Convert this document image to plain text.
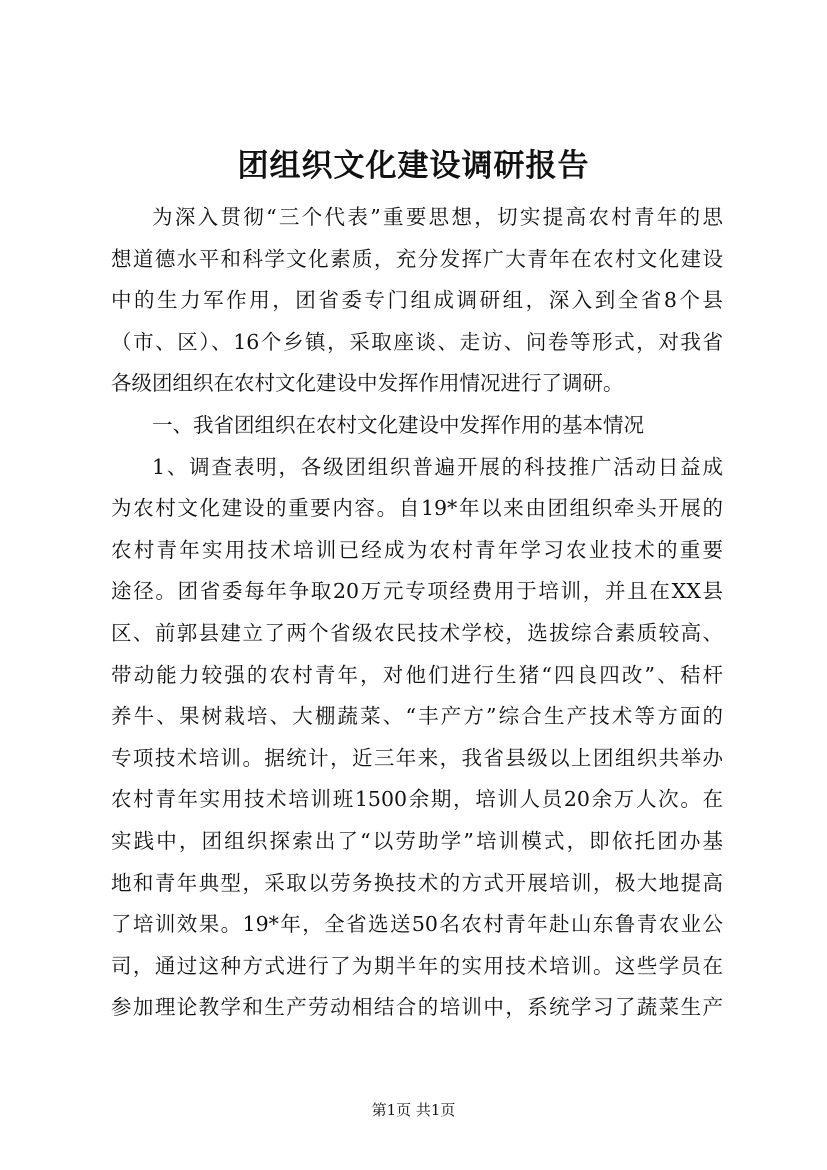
团组织文化建设调研报告
为深入贯彻“三个代表”重要思想，切实提高农村青年的思
想道德水平和科学文化素质，充分发挥广大青年在农村文化建设
中的生力军作用，团省委专门组成调研组，深入到全省8个县
（市、区）、16个乡镇，采取座谈、走访、问卷等形式，对我省
各级团组织在农村文化建设中发挥作用情况进行了调研。
一、我省团组织在农村文化建设中发挥作用的基本情况
1、调查表明，各级团组织普遍开展的科技推广活动日益成
为农村文化建设的重要内容。自19*年以来由团组织牵头开展的
农村青年实用技术培训已经成为农村青年学习农业技术的重要
途径。团省委每年争取20万元专项经费用于培训，并且在XX县
区、前郭县建立了两个省级农民技术学校，选拔综合素质较高、
带动能力较强的农村青年，对他们进行生猪“四良四改”、秸杆
养牛、果树栽培、大棚蔬菜、“丰产方”综合生产技术等方面的
专项技术培训。据统计，近三年来，我省县级以上团组织共举办
农村青年实用技术培训班1500余期，培训人员20余万人次。在
实践中，团组织探索出了“以劳助学”培训模式，即依托团办基
地和青年典型，采取以劳务换技术的方式开展培训，极大地提高
了培训效果。19*年，全省选送50名农村青年赴山东鲁青农业公
司，通过这种方式进行了为期半年的实用技术培训。这些学员在
参加理论教学和生产劳动相结合的培训中，系统学习了蔬菜生产
第1页 共1页
